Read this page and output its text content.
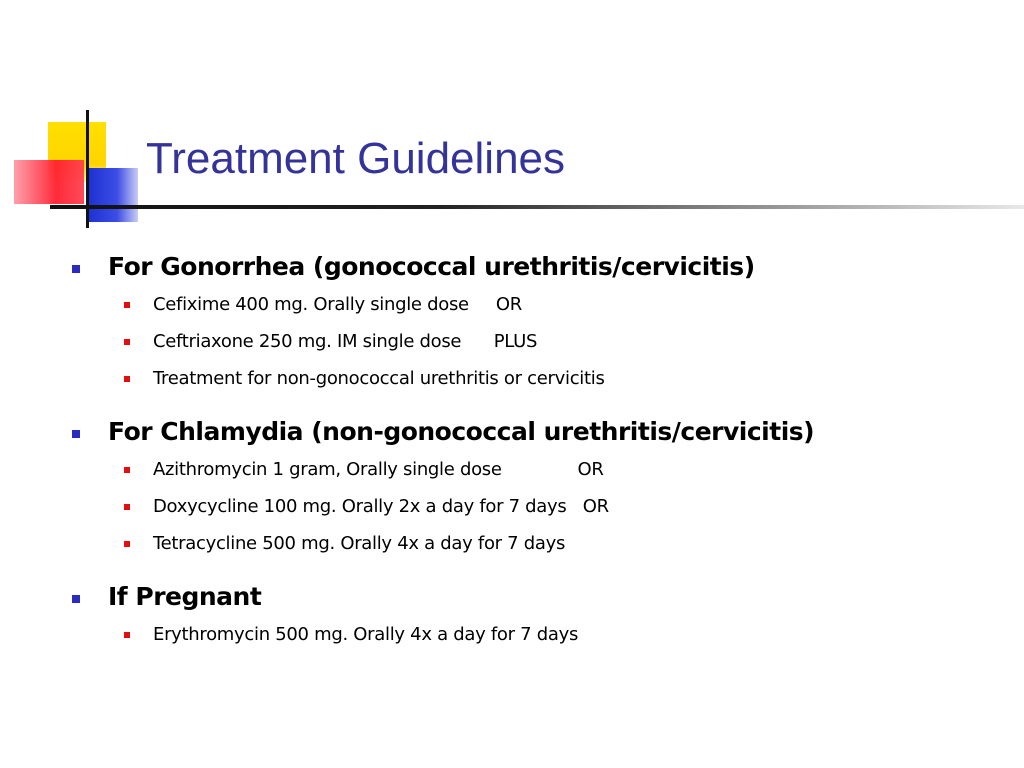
Treatment Guidelines
For Gonorrhea (gonococcal urethritis/cervicitis)
Cefixime 400 mg. Orally single dose     OR
Ceftriaxone 250 mg. IM single dose      PLUS
Treatment for non-gonococcal urethritis or cervicitis
For Chlamydia (non-gonococcal urethritis/cervicitis)
Azithromycin 1 gram, Orally single dose              OR
Doxycycline 100 mg. Orally 2x a day for 7 days   OR
Tetracycline 500 mg. Orally 4x a day for 7 days
If Pregnant
Erythromycin 500 mg. Orally 4x a day for 7 days
